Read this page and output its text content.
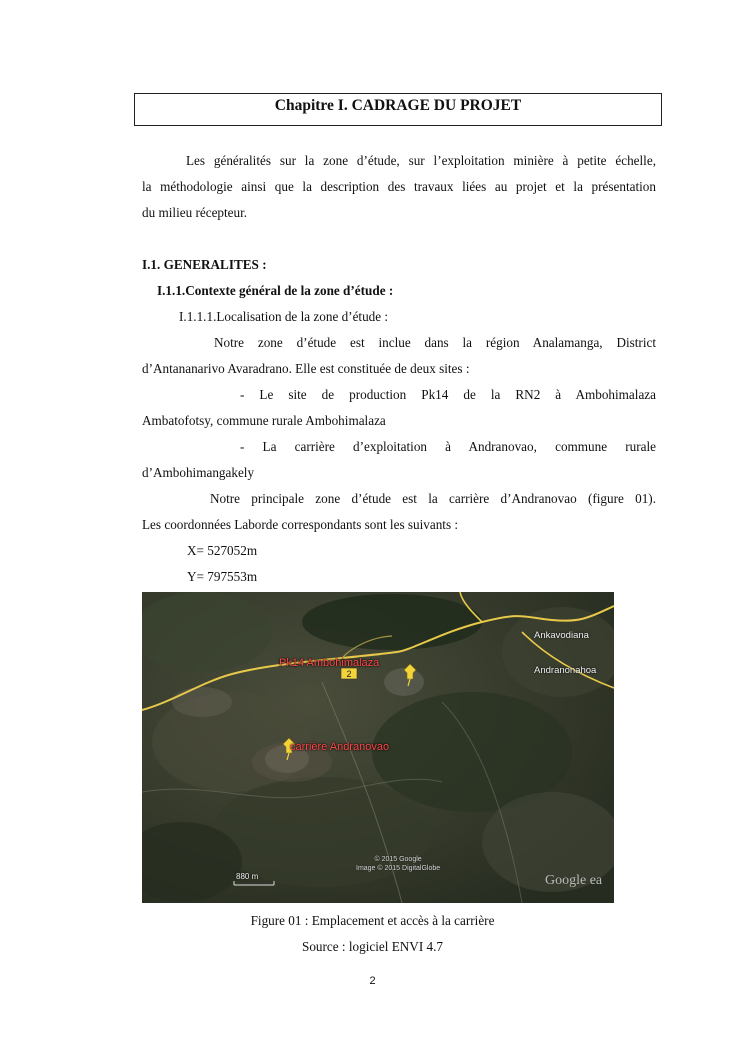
Chapitre I. CADRAGE DU PROJET
Les généralités sur la zone d’étude, sur l’exploitation minière à petite échelle,
la méthodologie ainsi que la description des travaux liées au projet et la présentation
du milieu récepteur.
I.1. GENERALITES :
I.1.1.Contexte général de la zone d’étude :
I.1.1.1.Localisation de la zone d’étude :
Notre zone d’étude est inclue dans la région Analamanga, District
d’Antananarivo Avaradrano. Elle est constituée de deux sites :
- Le site de production Pk14 de la RN2 à Ambohimalaza
Ambatofotsy, commune rurale Ambohimalaza
- La carrière d’exploitation à Andranovao, commune rurale
d’Ambohimangakely
Notre principale zone d’étude est la carrière d’Andranovao (figure 01).
Les coordonnées Laborde correspondants sont les suivants :
X= 527052m
Y= 797553m
2
Pk14 Ambohimalaza
carrière Andranovao
Ankavodiana
Andranonahoa
880 m
© 2015 Google
Image © 2015 DigitalGlobe
Google ea
Figure 01 : Emplacement et accès à la carrière
Source : logiciel ENVI 4.7
2
